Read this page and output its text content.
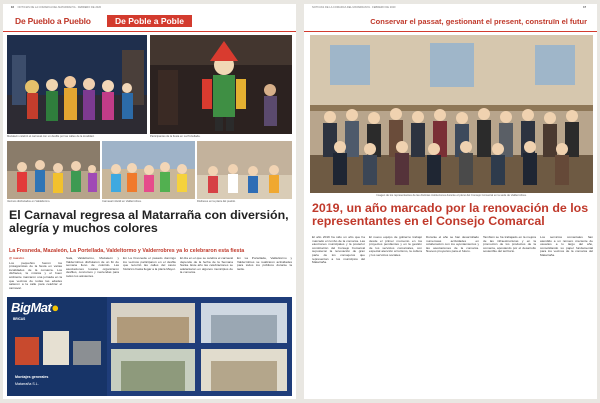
16 NOTICIAS DE LA COMARCA DEL MATARRANYA · FEBRERO DE 2020
De Pueblo a Pueblo	De Poble a Poble
Mazaleón celebró el carnaval con un desfile por las calles de la localidad.	Participantes de la fiesta en La Portellada.
Vecinos disfrazados en Valdeltormo.	Carnaval infantil en Valderrobres.	Disfraces en la plaza del pueblo.
El Carnaval regresa al Matarraña con diversión, alegría y muchos colores
La Fresneda, Mazaleón, La Portellada, Valdeltormo y Valderrobres ya lo celebraron esta fiesta
@ nuestro
Los pequeños fueron los protagonistas de la fiesta en varias localidades de la comarca. Los disfraces, la música y el buen ambiente marcaron una jornada en la que vecinos de todas las edades salieron a la calle para celebrar el carnaval.
Sala, Valdeltormo, Mazaleón y Valderrobres disfrutaron de un fin de semana lleno de colorido. Las asociaciones locales organizaron desfiles, concursos y meriendas para todos los asistentes.
En La Fresneda el pasado domingo los vecinos participaron en el desfile que recorrió las calles del casco histórico hasta llegar a la plaza Mayor.
El día en el que se celebra el carnaval depende de la fecha de la Semana Santa. Este año las celebraciones se adelantaron en algunos municipios de la comarca.
En La Portellada, Valdeltormo y Valderrobres se realizaron actividades para todos los públicos durante la tarde.
BigMat●
BRICAS
Montajes generales
Matarraña S.L.
NOTICIAS DE LA COMARCA DEL MATARRANYA · FEBRERO DE 2020	17
Conservar el passat, gestionant el present, construïn el futur
Imagen de los representantes de las distintas instituciones durante el pleno del Consejo Comarcal en la sede de Valderrobres.
2019, un año marcado por la renovación de los representantes en el Consejo Comarcal
El año 2019 ha sido un año que ha marcado el rumbo de la comarca. Las elecciones municipales y la posterior constitución del Consejo Comarcal supusieron la renovación de gran parte de los consejeros que representan a los municipios del Matarraña.
El nuevo equipo de gobierno trabajó desde el primer momento en los proyectos pendientes y en la gestión de los servicios comarcales, con especial atención al turismo, la cultura y los servicios sociales.
Durante el año se han desarrollado numerosas actividades en colaboración con los ayuntamientos y las asociaciones de la comarca. Nuevos proyectos para el futuro.
También se ha trabajado en la mejora de las infraestructuras y en la promoción de los productos de la comarca, apostando por el desarrollo sostenible del territorio.
Los servicios comarcales han atendido a un número creciente de usuarios a lo largo del año, consolidando su papel fundamental para los vecinos de la comarca del Matarraña.
